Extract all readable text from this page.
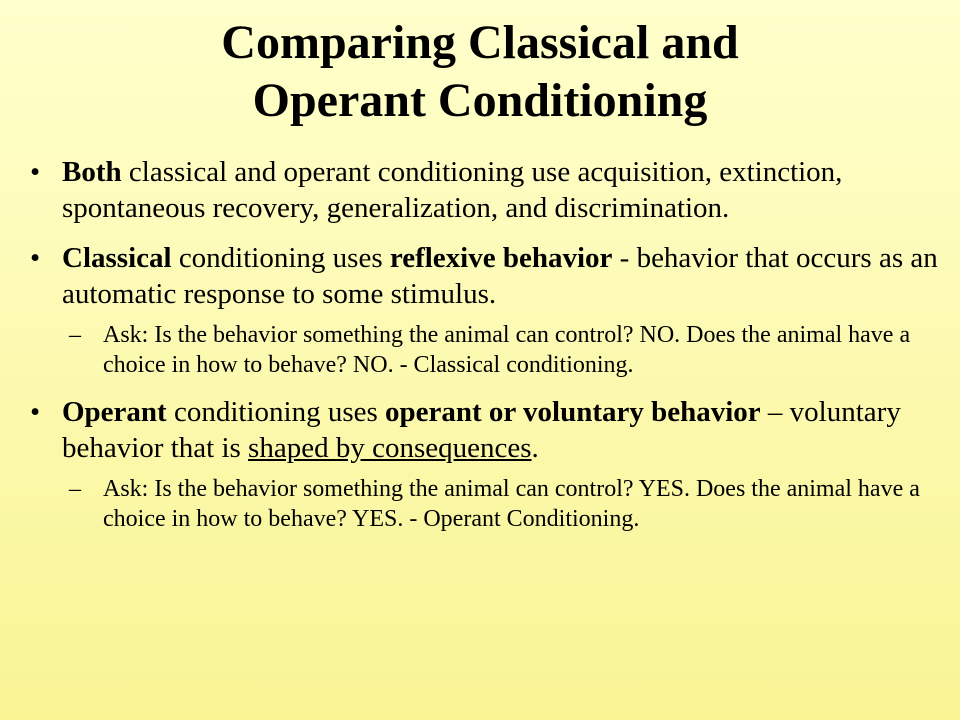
Comparing Classical and
Operant Conditioning
• Both classical and operant conditioning use acquisition, extinction, spontaneous recovery, generalization, and discrimination.
• Classical conditioning uses reflexive behavior - behavior that occurs as an automatic response to some stimulus.
– Ask: Is the behavior something the animal can control? NO. Does the animal have a choice in how to behave? NO. - Classical conditioning.
• Operant conditioning uses operant or voluntary behavior – voluntary behavior that is shaped by consequences.
– Ask: Is the behavior something the animal can control? YES. Does the animal have a choice in how to behave? YES. - Operant Conditioning.
